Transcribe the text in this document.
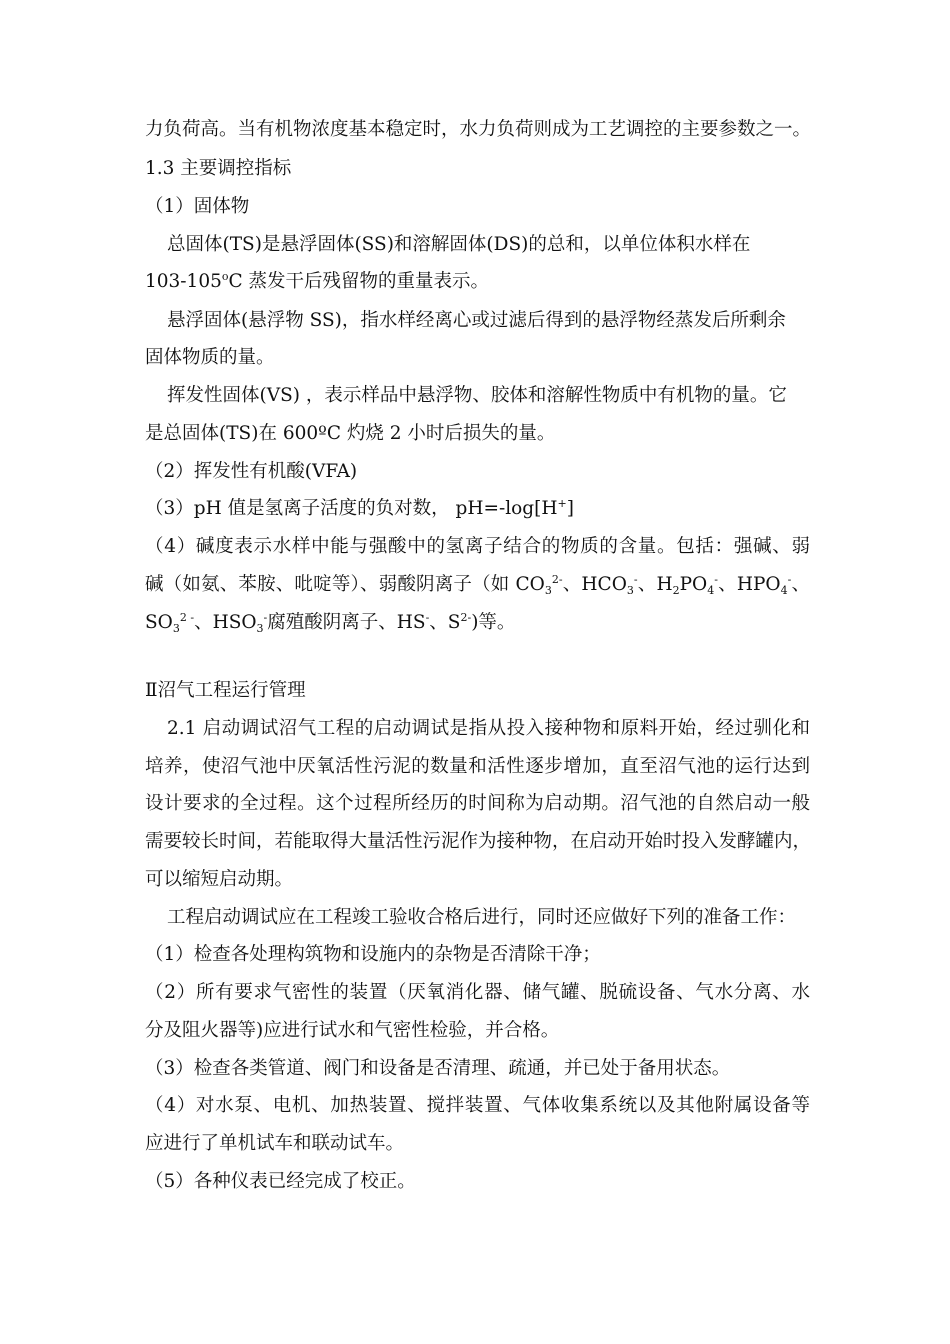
力负荷高。当有机物浓度基本稳定时，水力负荷则成为工艺调控的主要参数之一。
1.3 主要调控指标
（1）固体物
总固体(TS)是悬浮固体(SS)和溶解固体(DS)的总和，以单位体积水样在
103-105$^o$C 蒸发干后残留物的重量表示。
悬浮固体(悬浮物 SS)，指水样经离心或过滤后得到的悬浮物经蒸发后所剩余
固体物质的量。
挥发性固体(VS) ，表示样品中悬浮物、胶体和溶解性物质中有机物的量。它
是总固体(TS)在 600ºC 灼烧 2 小时后损失的量。
（2）挥发性有机酸(VFA)
（3）pH 值是氢离子活度的负对数， pH=-log[H+]
（4）碱度表示水样中能与强酸中的氢离子结合的物质的含量。包括：强碱、弱
碱（如氨、苯胺、吡啶等）、弱酸阴离子（如 $CO_3^{2-}$、$HCO_3^-$、$H_2PO_4^-$、$HPO_4^-$、
$SO_3^{2 -}$、$HSO_3^-$腐殖酸阴离子、HS-、$S^{2-}$)等。
Ⅱ沼气工程运行管理
2.1 启动调试沼气工程的启动调试是指从投入接种物和原料开始，经过驯化和
培养，使沼气池中厌氧活性污泥的数量和活性逐步增加，直至沼气池的运行达到
设计要求的全过程。这个过程所经历的时间称为启动期。沼气池的自然启动一般
需要较长时间，若能取得大量活性污泥作为接种物，在启动开始时投入发酵罐内，
可以缩短启动期。
工程启动调试应在工程竣工验收合格后进行，同时还应做好下列的准备工作：
（1）检查各处理构筑物和设施内的杂物是否清除干净；
（2）所有要求气密性的装置（厌氧消化器、储气罐、脱硫设备、气水分离、水
分及阻火器等)应进行试水和气密性检验，并合格。
（3）检查各类管道、阀门和设备是否清理、疏通，并已处于备用状态。
（4）对水泵、电机、加热装置、搅拌装置、气体收集系统以及其他附属设备等
应进行了单机试车和联动试车。
（5）各种仪表已经完成了校正。
